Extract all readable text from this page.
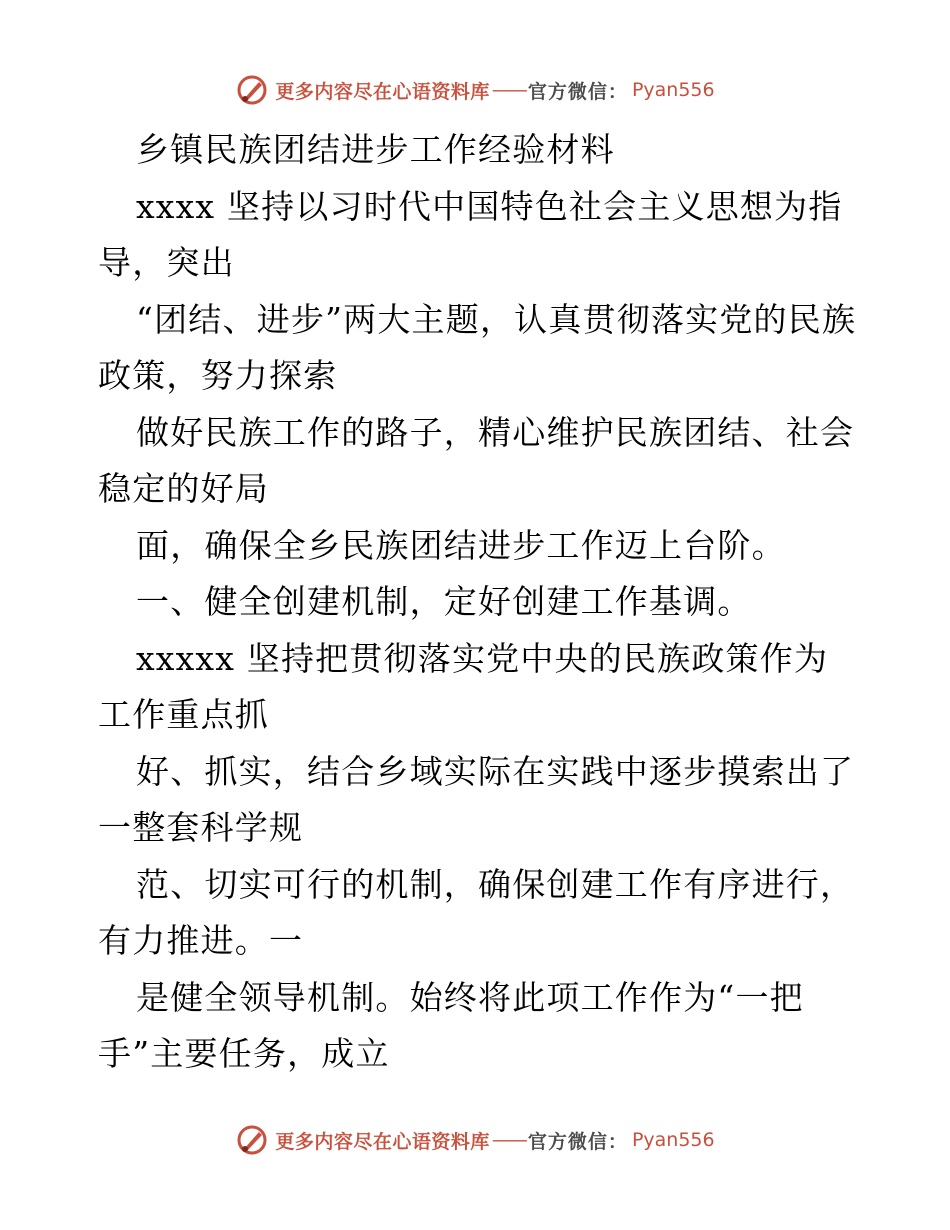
更多内容尽在心语资料库 —— 官方微信： Pyan556

乡镇民族团结进步工作经验材料

xxxx 坚持以习时代中国特色社会主义思想为指导，突出

“团结、进步”两大主题，认真贯彻落实党的民族政策，努力探索

做好民族工作的路子，精心维护民族团结、社会稳定的好局

面，确保全乡民族团结进步工作迈上台阶。

一、健全创建机制，定好创建工作基调。

xxxxx 坚持把贯彻落实党中央的民族政策作为工作重点抓

好、抓实，结合乡域实际在实践中逐步摸索出了一整套科学规

范、切实可行的机制，确保创建工作有序进行，有力推进。一

是健全领导机制。始终将此项工作作为“一把手”主要任务，成立

更多内容尽在心语资料库 —— 官方微信： Pyan556
